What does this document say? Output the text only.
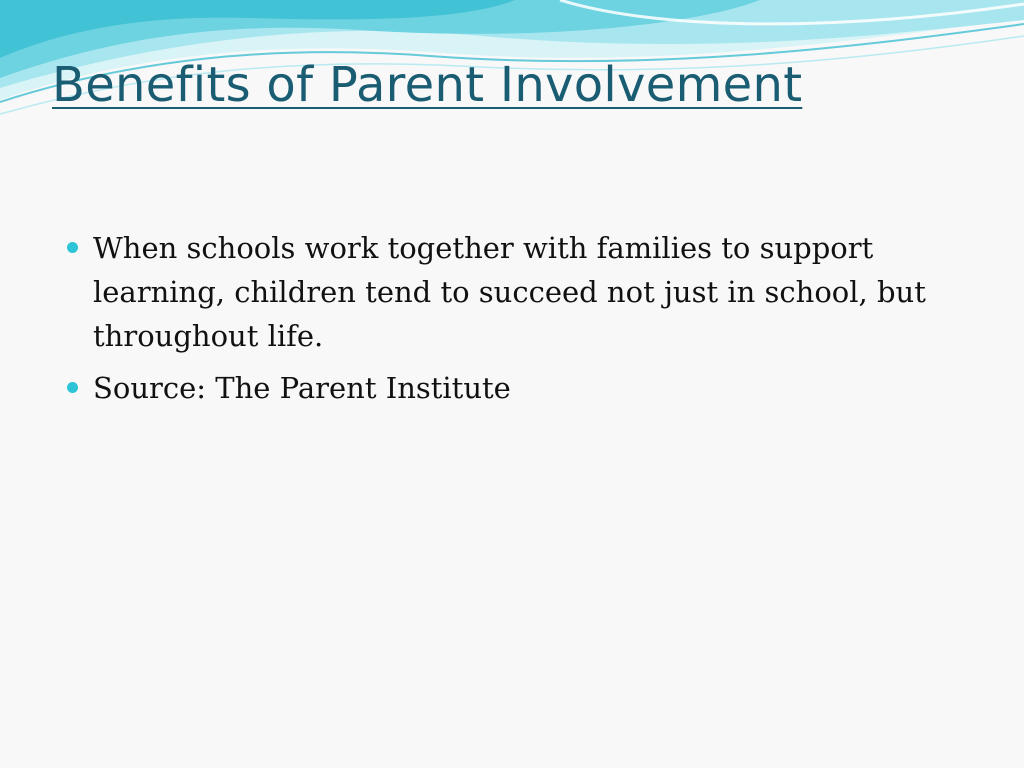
Benefits of Parent Involvement
When schools work together with families to support learning, children tend to succeed not just in school, but throughout life.
Source: The Parent Institute
